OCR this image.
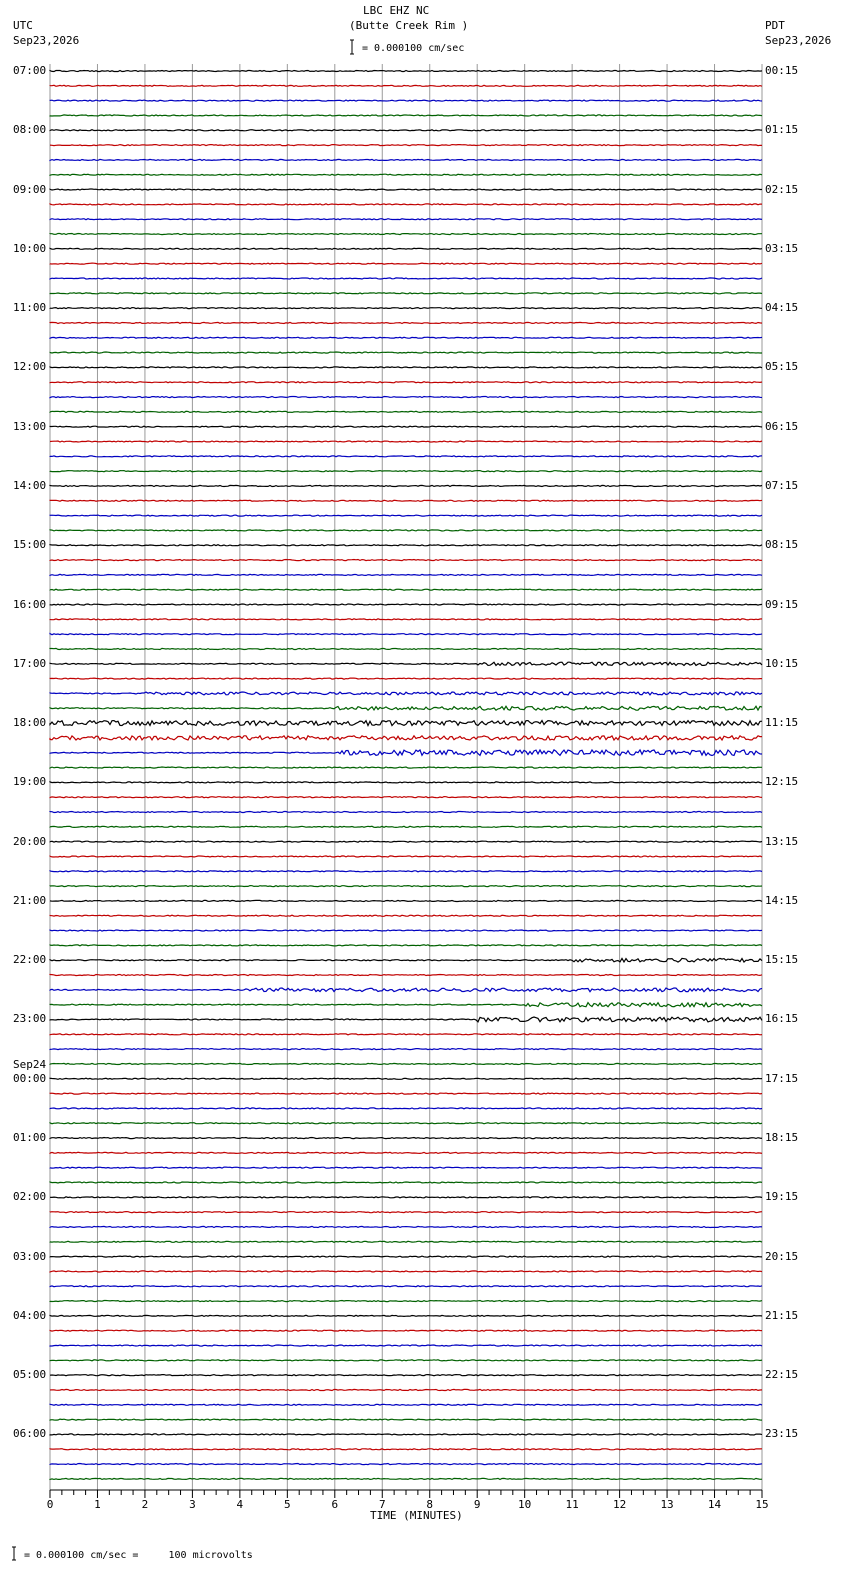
0	1	2	3	4	5	6	7	8	9	10	11	12	13	14	15
LBC EHZ NC
(Butte Creek Rim )
= 0.000100 cm/sec
UTC
Sep23,2026
PDT
Sep23,2026
07:00
08:00
09:00
10:00
11:00
12:00
13:00
14:00
15:00
16:00
17:00
18:00
19:00
20:00
21:00
22:00
23:00
00:00
Sep24
01:00
02:00
03:00
04:00
05:00
06:00
00:15
01:15
02:15
03:15
04:15
05:15
06:15
07:15
08:15
09:15
10:15
11:15
12:15
13:15
14:15
15:15
16:15
17:15
18:15
19:15
20:15
21:15
22:15
23:15
TIME (MINUTES)
= 0.000100 cm/sec =     100 microvolts
